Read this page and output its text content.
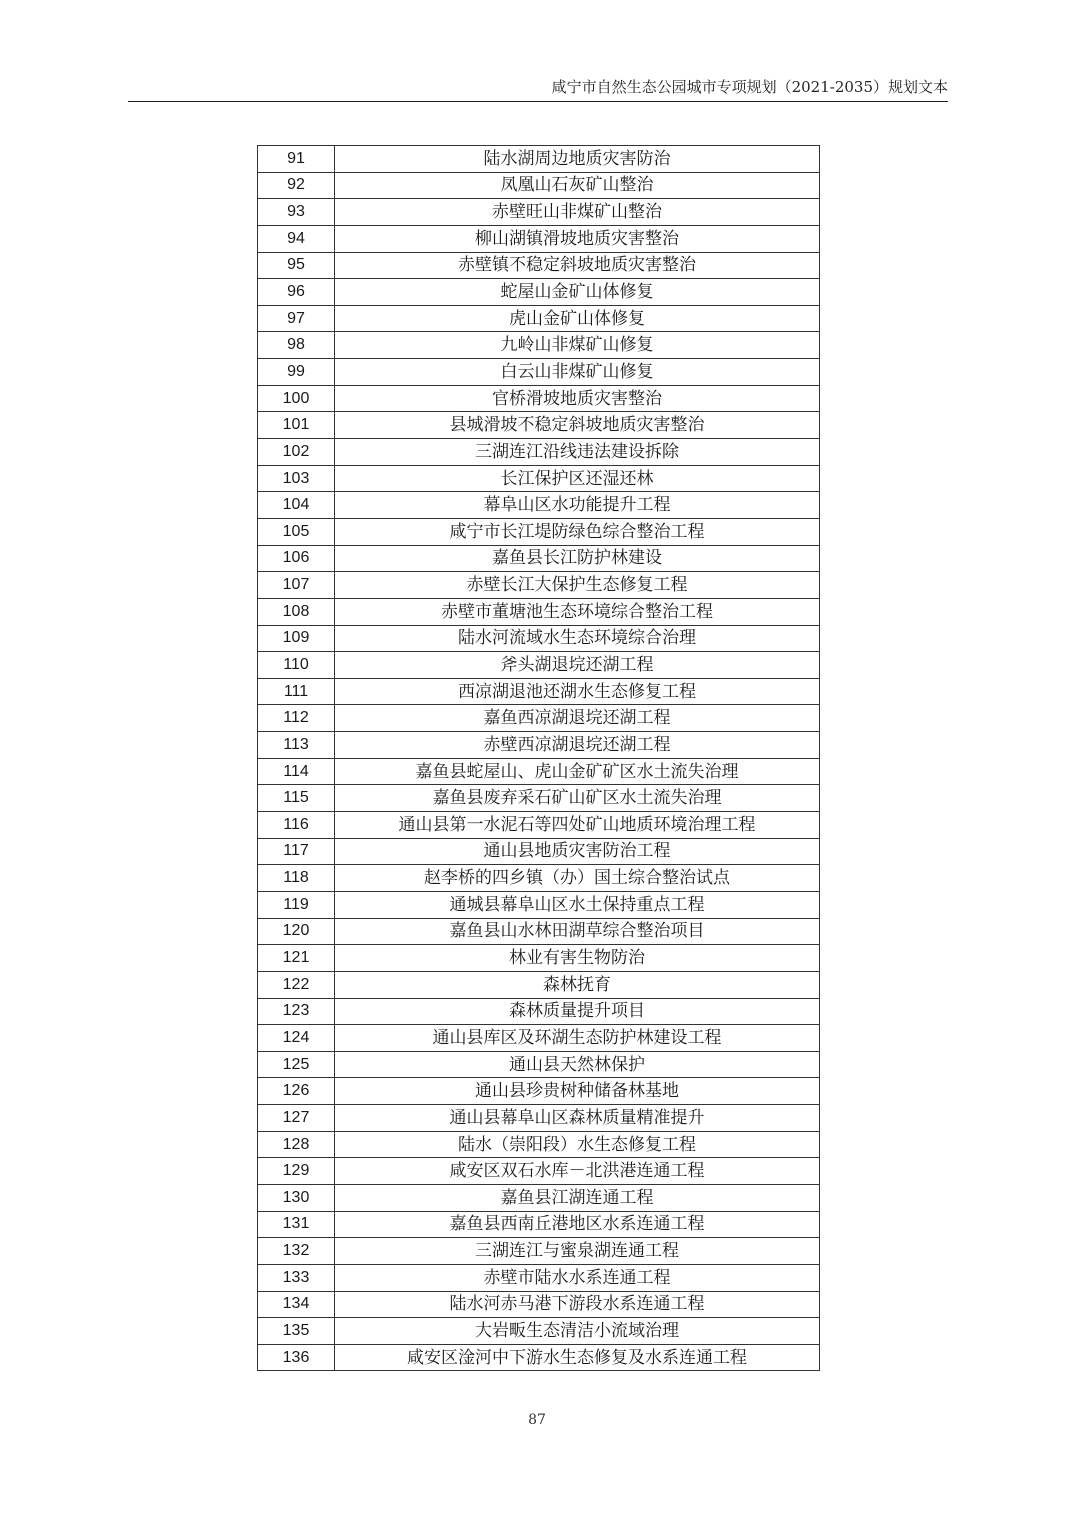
咸宁市自然生态公园城市专项规划（2021-2035）规划文本
91	陆水湖周边地质灾害防治
92	凤凰山石灰矿山整治
93	赤壁旺山非煤矿山整治
94	柳山湖镇滑坡地质灾害整治
95	赤壁镇不稳定斜坡地质灾害整治
96	蛇屋山金矿山体修复
97	虎山金矿山体修复
98	九岭山非煤矿山修复
99	白云山非煤矿山修复
100	官桥滑坡地质灾害整治
101	县城滑坡不稳定斜坡地质灾害整治
102	三湖连江沿线违法建设拆除
103	长江保护区还湿还林
104	幕阜山区水功能提升工程
105	咸宁市长江堤防绿色综合整治工程
106	嘉鱼县长江防护林建设
107	赤壁长江大保护生态修复工程
108	赤壁市董塘池生态环境综合整治工程
109	陆水河流域水生态环境综合治理
110	斧头湖退垸还湖工程
111	西凉湖退池还湖水生态修复工程
112	嘉鱼西凉湖退垸还湖工程
113	赤壁西凉湖退垸还湖工程
114	嘉鱼县蛇屋山、虎山金矿矿区水土流失治理
115	嘉鱼县废弃采石矿山矿区水土流失治理
116	通山县第一水泥石等四处矿山地质环境治理工程
117	通山县地质灾害防治工程
118	赵李桥的四乡镇（办）国土综合整治试点
119	通城县幕阜山区水土保持重点工程
120	嘉鱼县山水林田湖草综合整治项目
121	林业有害生物防治
122	森林抚育
123	森林质量提升项目
124	通山县库区及环湖生态防护林建设工程
125	通山县天然林保护
126	通山县珍贵树种储备林基地
127	通山县幕阜山区森林质量精准提升
128	陆水（崇阳段）水生态修复工程
129	咸安区双石水库－北洪港连通工程
130	嘉鱼县江湖连通工程
131	嘉鱼县西南丘港地区水系连通工程
132	三湖连江与蜜泉湖连通工程
133	赤壁市陆水水系连通工程
134	陆水河赤马港下游段水系连通工程
135	大岩畈生态清洁小流域治理
136	咸安区淦河中下游水生态修复及水系连通工程
87
